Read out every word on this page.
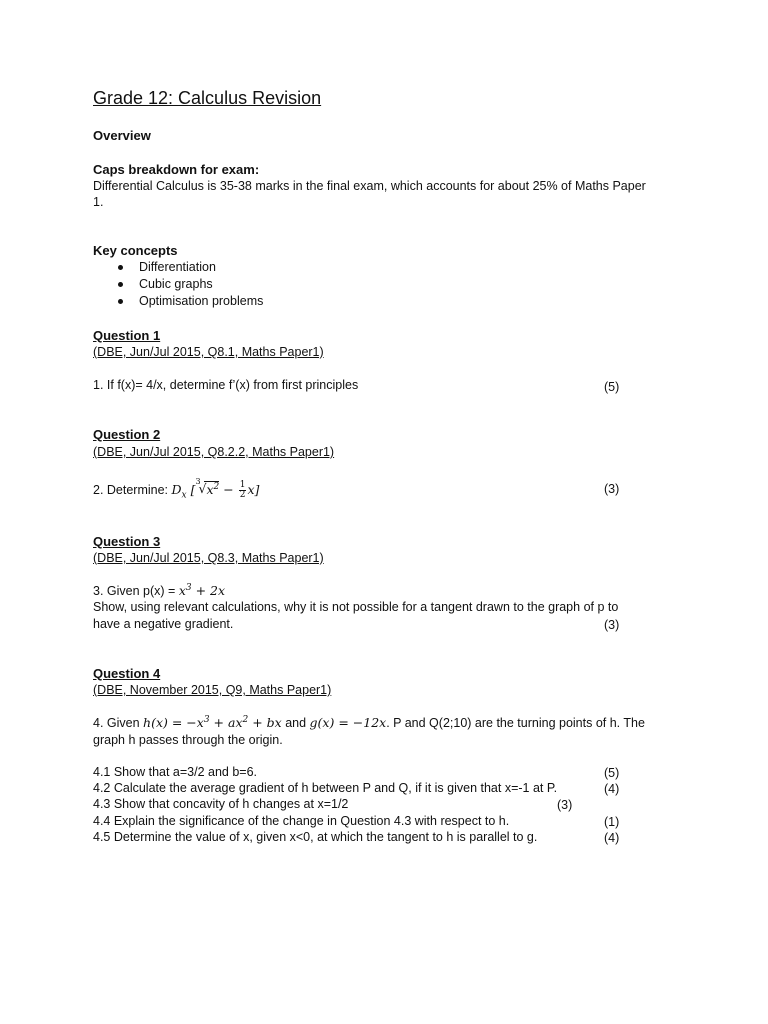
Grade 12: Calculus Revision
Overview
Caps breakdown for exam:
Differential Calculus is 35-38 marks in the final exam, which accounts for about 25% of Maths Paper
1.
Key concepts
Differentiation
Cubic graphs
Optimisation problems
Question 1
(DBE, Jun/Jul 2015, Q8.1, Maths Paper1)
1. If f(x)= 4/x, determine f’(x) from first principles	(5)
Question 2
(DBE, Jun/Jul 2015, Q8.2.2, Maths Paper1)
2. Determine: $D_x$ [
3
√ $x^2 - \frac{1}{2} x$]	(3)
Question 3
(DBE, Jun/Jul 2015, Q8.3, Maths Paper1)
3. Given $p(x) = x^3 + 2x$
Show, using relevant calculations, why it is not possible for a tangent drawn to the graph of p to
have a negative gradient.	(3)
Question 4
(DBE, November 2015, Q9, Maths Paper1)
4. Given $h(x) = -x^3 + ax^2$ + bx and g(x) = −12x. P and Q(2;10) are the turning points of h. The
graph h passes through the origin.
4.1 Show that a=3/2 and b=6.	(5)
4.2 Calculate the average gradient of h between P and Q, if it is given that x=-1 at P.	(4)
4.3 Show that concavity of h changes at x=1/2	(3)
4.4 Explain the significance of the change in Question 4.3 with respect to h.	(1)
4.5 Determine the value of x, given x<0, at which the tangent to h is parallel to g.	(4)
